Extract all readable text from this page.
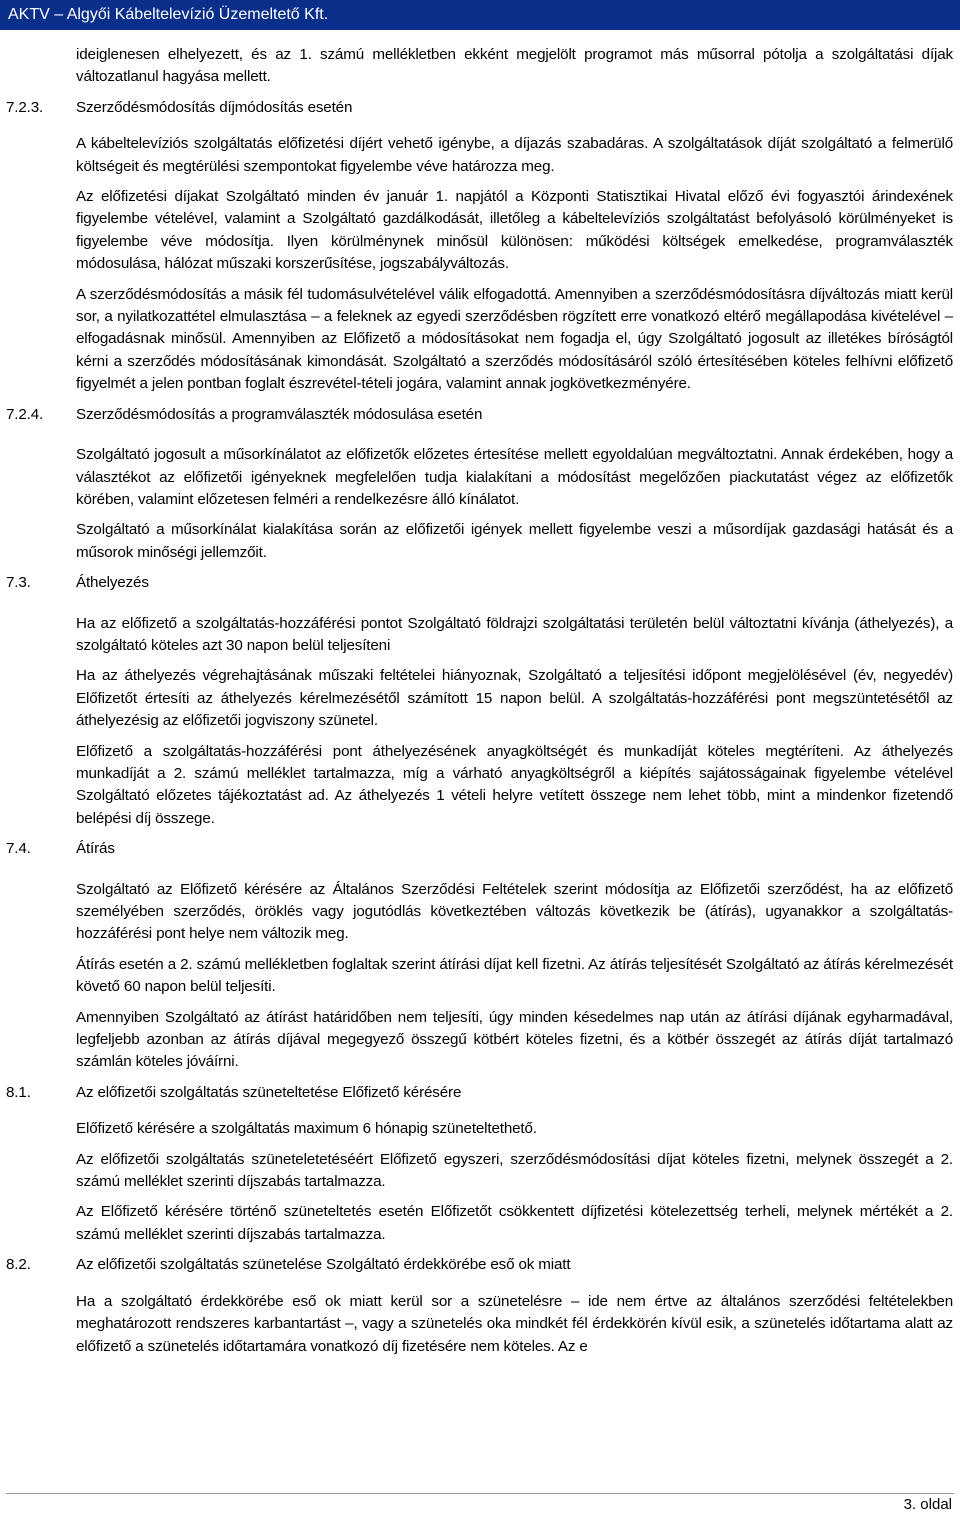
AKTV – Algyői Kábeltelevízió Üzemeltető Kft.

ideiglenesen elhelyezett, és az 1. számú mellékletben ekként megjelölt programot más műsorral pótolja a szolgáltatási díjak változatlanul hagyása mellett.

7.2.3. Szerződésmódosítás díjmódosítás esetén

A kábeltelevíziós szolgáltatás előfizetési díjért vehető igénybe, a díjazás szabadáras. A szolgáltatások díját szolgáltató a felmerülő költségeit és megtérülési szempontokat figyelembe véve határozza meg.

Az előfizetési díjakat Szolgáltató minden év január 1. napjától a Központi Statisztikai Hivatal előző évi fogyasztói árindexének figyelembe vételével, valamint a Szolgáltató gazdálkodását, illetőleg a kábeltelevíziós szolgáltatást befolyásoló körülményeket is figyelembe véve módosítja. Ilyen körülménynek minősül különösen: működési költségek emelkedése, programválaszték módosulása, hálózat műszaki korszerűsítése, jogszabályváltozás.

A szerződésmódosítás a másik fél tudomásulvételével válik elfogadottá. Amennyiben a szerződésmódosításra díjváltozás miatt kerül sor, a nyilatkozattétel elmulasztása – a feleknek az egyedi szerződésben rögzített erre vonatkozó eltérő megállapodása kivételével – elfogadásnak minősül. Amennyiben az Előfizető a módosításokat nem fogadja el, úgy Szolgáltató jogosult az illetékes bíróságtól kérni a szerződés módosításának kimondását. Szolgáltató a szerződés módosításáról szóló értesítésében köteles felhívni előfizető figyelmét a jelen pontban foglalt észrevétel-tételi jogára, valamint annak jogkövetkezményére.

7.2.4. Szerződésmódosítás a programválaszték módosulása esetén

Szolgáltató jogosult a műsorkínálatot az előfizetők előzetes értesítése mellett egyoldalúan megváltoztatni. Annak érdekében, hogy a választékot az előfizetői igényeknek megfelelően tudja kialakítani a módosítást megelőzően piackutatást végez az előfizetők körében, valamint előzetesen felméri a rendelkezésre álló kínálatot.

Szolgáltató a műsorkínálat kialakítása során az előfizetői igények mellett figyelembe veszi a műsordíjak gazdasági hatását és a műsorok minőségi jellemzőit.

7.3.	Áthelyezés

Ha az előfizető a szolgáltatás-hozzáférési pontot Szolgáltató földrajzi szolgáltatási területén belül változtatni kívánja (áthelyezés), a szolgáltató köteles azt 30 napon belül teljesíteni

Ha az áthelyezés végrehajtásának műszaki feltételei hiányoznak, Szolgáltató a teljesítési időpont megjelölésével (év, negyedév) Előfizetőt értesíti az áthelyezés kérelmezésétől számított 15 napon belül. A szolgáltatás-hozzáférési pont megszüntetésétől az áthelyezésig az előfizetői jogviszony szünetel.

Előfizető a szolgáltatás-hozzáférési pont áthelyezésének anyagköltségét és munkadíját köteles megtéríteni. Az áthelyezés munkadíját a 2. számú melléklet tartalmazza, míg a várható anyagköltségről a kiépítés sajátosságainak figyelembe vételével Szolgáltató előzetes tájékoztatást ad. Az áthelyezés 1 vételi helyre vetített összege nem lehet több, mint a mindenkor fizetendő belépési díj összege.

7.4.	Átírás

Szolgáltató az Előfizető kérésére az Általános Szerződési Feltételek szerint módosítja az Előfizetői szerződést, ha az előfizető személyében szerződés, öröklés vagy jogutódlás következtében változás következik be (átírás), ugyanakkor a szolgáltatás-hozzáférési pont helye nem változik meg.

Átírás esetén a 2. számú mellékletben foglaltak szerint átírási díjat kell fizetni. Az átírás teljesítését Szolgáltató az átírás kérelmezését követő 60 napon belül teljesíti.

Amennyiben Szolgáltató az átírást határidőben nem teljesíti, úgy minden késedelmes nap után az átírási díjának egyharmadával, legfeljebb azonban az átírás díjával megegyező összegű kötbért köteles fizetni, és a kötbér összegét az átírás díját tartalmazó számlán köteles jóváírni.

8.1.	Az előfizetői szolgáltatás szüneteltetése Előfizető kérésére

Előfizető kérésére a szolgáltatás maximum 6 hónapig szüneteltethető.

Az előfizetői szolgáltatás szüneteletetéséért Előfizető egyszeri, szerződésmódosítási díjat köteles fizetni, melynek összegét a 2. számú melléklet szerinti díjszabás tartalmazza.

Az Előfizető kérésére történő szüneteltetés esetén Előfizetőt csökkentett díjfizetési kötelezettség terheli, melynek mértékét a 2. számú melléklet szerinti díjszabás tartalmazza.

8.2.	Az előfizetői szolgáltatás szünetelése Szolgáltató érdekkörébe eső ok miatt

Ha a szolgáltató érdekkörébe eső ok miatt kerül sor a szünetelésre – ide nem értve az általános szerződési feltételekben meghatározott rendszeres karbantartást –, vagy a szünetelés oka mindkét fél érdekkörén kívül esik, a szünetelés időtartama alatt az előfizető a szünetelés időtartamára vonatkozó díj fizetésére nem köteles. Az e

3. oldal
